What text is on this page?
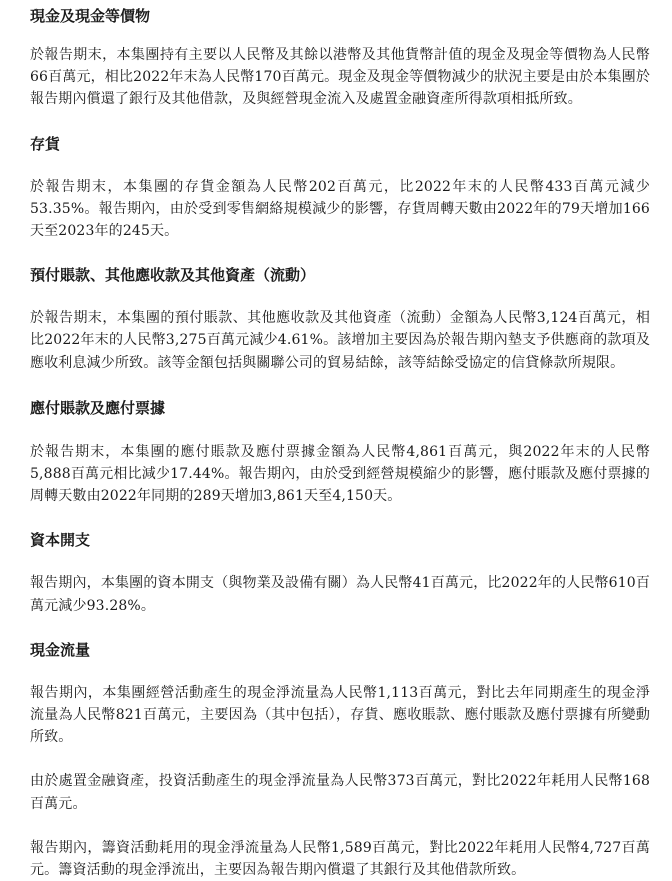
現金及現金等價物

於報告期末，本集團持有主要以人民幣及其餘以港幣及其他貨幣計值的現金及現金等價物為人民幣66百萬元，相比2022年末為人民幣170百萬元。現金及現金等價物減少的狀況主要是由於本集團於報告期內償還了銀行及其他借款，及與經營現金流入及處置金融資產所得款項相抵所致。

存貨

於報告期末，本集團的存貨金額為人民幣202百萬元，比2022年末的人民幣433百萬元減少53.35%。報告期內，由於受到零售網絡規模減少的影響，存貨周轉天數由2022年的79天增加166天至2023年的245天。

預付賬款、其他應收款及其他資產（流動）

於報告期末，本集團的預付賬款、其他應收款及其他資產（流動）金額為人民幣3,124百萬元，相比2022年末的人民幣3,275百萬元減少4.61%。該增加主要因為於報告期內墊支予供應商的款項及應收利息減少所致。該等金額包括與關聯公司的貿易結餘，該等結餘受協定的信貸條款所規限。

應付賬款及應付票據

於報告期末，本集團的應付賬款及應付票據金額為人民幣4,861百萬元，與2022年末的人民幣5,888百萬元相比減少17.44%。報告期內，由於受到經營規模縮少的影響，應付賬款及應付票據的周轉天數由2022年同期的289天增加3,861天至4,150天。

資本開支

報告期內，本集團的資本開支（與物業及設備有關）為人民幣41百萬元，比2022年的人民幣610百萬元減少93.28%。

現金流量

報告期內，本集團經營活動產生的現金淨流量為人民幣1,113百萬元，對比去年同期產生的現金淨流量為人民幣821百萬元，主要因為（其中包括），存貨、應收賬款、應付賬款及應付票據有所變動所致。

由於處置金融資產，投資活動產生的現金淨流量為人民幣373百萬元，對比2022年耗用人民幣168百萬元。

報告期內，籌資活動耗用的現金淨流量為人民幣1,589百萬元，對比2022年耗用人民幣4,727百萬元。籌資活動的現金淨流出，主要因為報告期內償還了其銀行及其他借款所致。
